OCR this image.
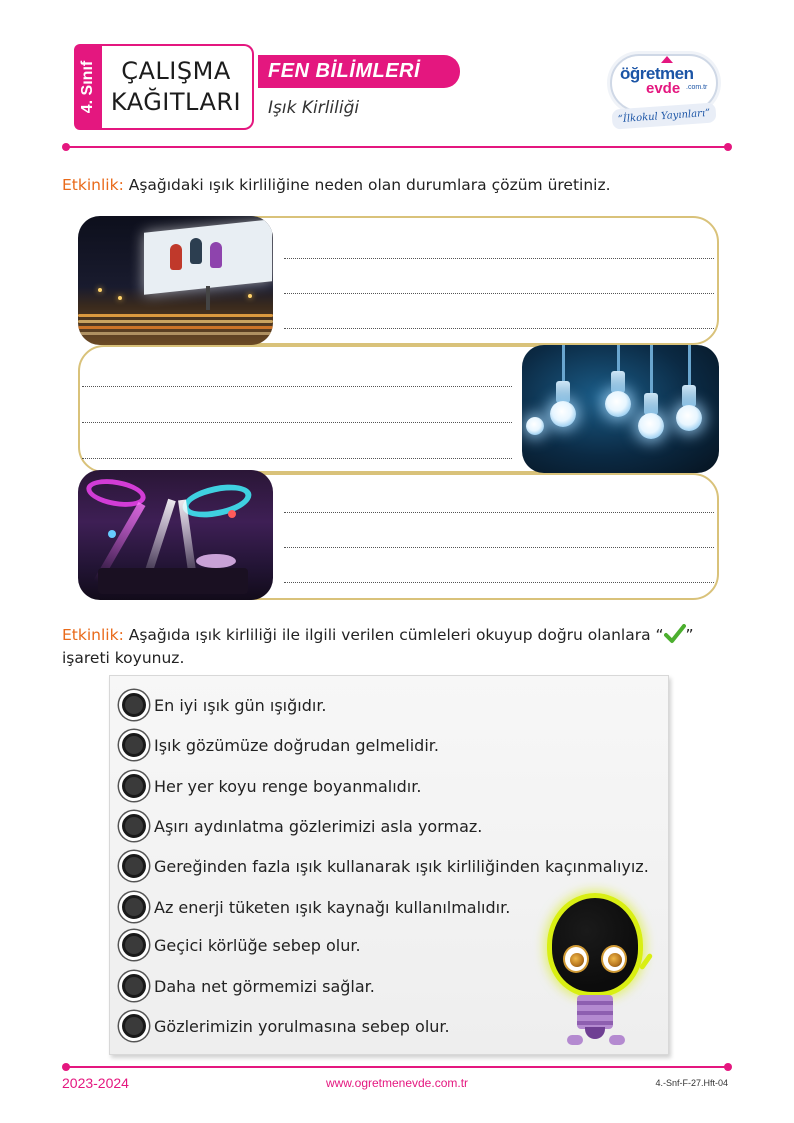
4. Sınıf ÇALIŞMA
KAĞITLARI
FEN BİLİMLERİ
Işık Kirliliği
öğretmen
evde .com.tr
“İlkokul Yayınları”
Etkinlik: Aşağıdaki ışık kirliliğine neden olan durumlara çözüm üretiniz.
Etkinlik: Aşağıda ışık kirliliği ile ilgili verilen cümleleri okuyup doğru olanlara “ ” işareti koyunuz.
En iyi ışık gün ışığıdır.
Işık gözümüze doğrudan gelmelidir.
Her yer koyu renge boyanmalıdır.
Aşırı aydınlatma gözlerimizi asla yormaz.
Gereğinden fazla ışık kullanarak ışık kirliliğinden kaçınmalıyız.
Az enerji tüketen ışık kaynağı kullanılmalıdır.
Geçici körlüğe sebep olur.
Daha net görmemizi sağlar.
Gözlerimizin yorulmasına sebep olur.
2023-2024	www.ogretmenevde.com.tr	4.-Snf-F-27.Hft-04
